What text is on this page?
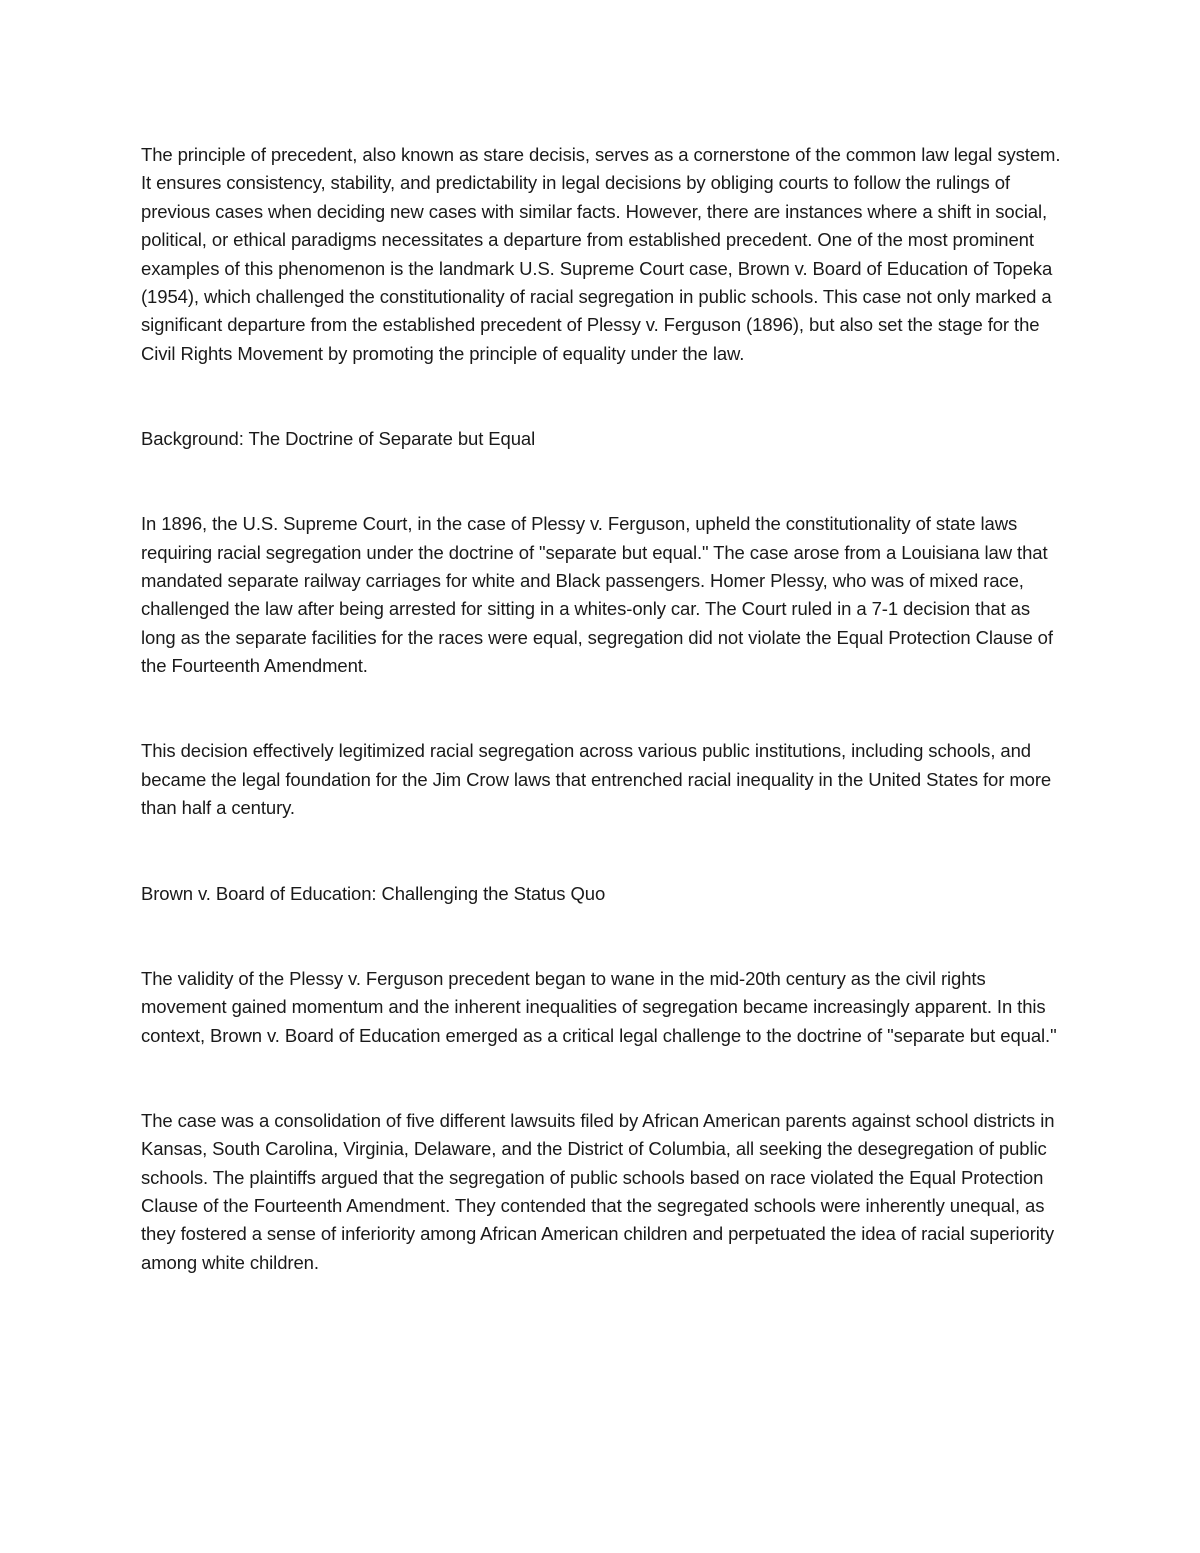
The principle of precedent, also known as stare decisis, serves as a cornerstone of the common law legal system. It ensures consistency, stability, and predictability in legal decisions by obliging courts to follow the rulings of previous cases when deciding new cases with similar facts. However, there are instances where a shift in social, political, or ethical paradigms necessitates a departure from established precedent. One of the most prominent examples of this phenomenon is the landmark U.S. Supreme Court case, Brown v. Board of Education of Topeka (1954), which challenged the constitutionality of racial segregation in public schools. This case not only marked a significant departure from the established precedent of Plessy v. Ferguson (1896), but also set the stage for the Civil Rights Movement by promoting the principle of equality under the law.

Background: The Doctrine of Separate but Equal

In 1896, the U.S. Supreme Court, in the case of Plessy v. Ferguson, upheld the constitutionality of state laws requiring racial segregation under the doctrine of "separate but equal." The case arose from a Louisiana law that mandated separate railway carriages for white and Black passengers. Homer Plessy, who was of mixed race, challenged the law after being arrested for sitting in a whites-only car. The Court ruled in a 7-1 decision that as long as the separate facilities for the races were equal, segregation did not violate the Equal Protection Clause of the Fourteenth Amendment.

This decision effectively legitimized racial segregation across various public institutions, including schools, and became the legal foundation for the Jim Crow laws that entrenched racial inequality in the United States for more than half a century.

Brown v. Board of Education: Challenging the Status Quo

The validity of the Plessy v. Ferguson precedent began to wane in the mid-20th century as the civil rights movement gained momentum and the inherent inequalities of segregation became increasingly apparent. In this context, Brown v. Board of Education emerged as a critical legal challenge to the doctrine of "separate but equal."

The case was a consolidation of five different lawsuits filed by African American parents against school districts in Kansas, South Carolina, Virginia, Delaware, and the District of Columbia, all seeking the desegregation of public schools. The plaintiffs argued that the segregation of public schools based on race violated the Equal Protection Clause of the Fourteenth Amendment. They contended that the segregated schools were inherently unequal, as they fostered a sense of inferiority among African American children and perpetuated the idea of racial superiority among white children.
